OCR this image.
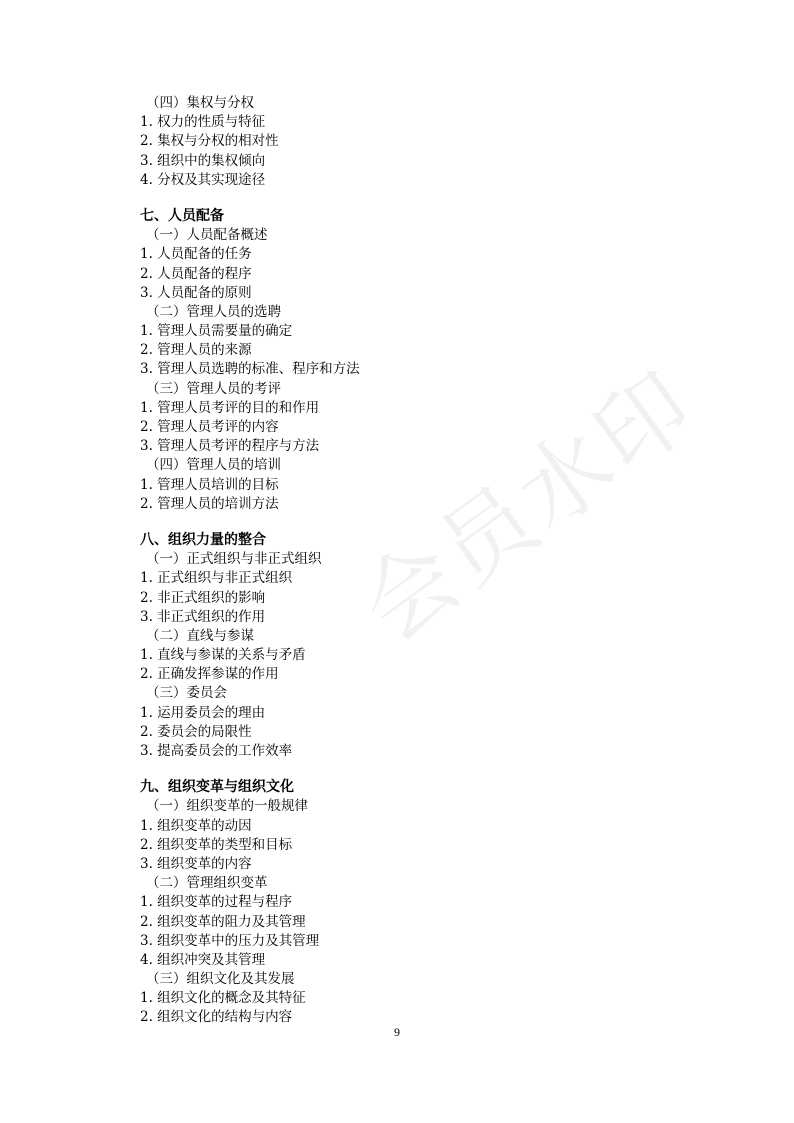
会员水印
（四）集权与分权
1. 权力的性质与特征
2. 集权与分权的相对性
3. 组织中的集权倾向
4. 分权及其实现途径
七、人员配备
（一）人员配备概述
1. 人员配备的任务
2. 人员配备的程序
3. 人员配备的原则
（二）管理人员的选聘
1. 管理人员需要量的确定
2. 管理人员的来源
3. 管理人员选聘的标准、程序和方法
（三）管理人员的考评
1. 管理人员考评的目的和作用
2. 管理人员考评的内容
3. 管理人员考评的程序与方法
（四）管理人员的培训
1. 管理人员培训的目标
2. 管理人员的培训方法
八、组织力量的整合
（一）正式组织与非正式组织
1. 正式组织与非正式组织
2. 非正式组织的影响
3. 非正式组织的作用
（二）直线与参谋
1. 直线与参谋的关系与矛盾
2. 正确发挥参谋的作用
（三）委员会
1. 运用委员会的理由
2. 委员会的局限性
3. 提高委员会的工作效率
九、组织变革与组织文化
（一）组织变革的一般规律
1. 组织变革的动因
2. 组织变革的类型和目标
3. 组织变革的内容
（二）管理组织变革
1. 组织变革的过程与程序
2. 组织变革的阻力及其管理
3. 组织变革中的压力及其管理
4. 组织冲突及其管理
（三）组织文化及其发展
1. 组织文化的概念及其特征
2. 组织文化的结构与内容
9
